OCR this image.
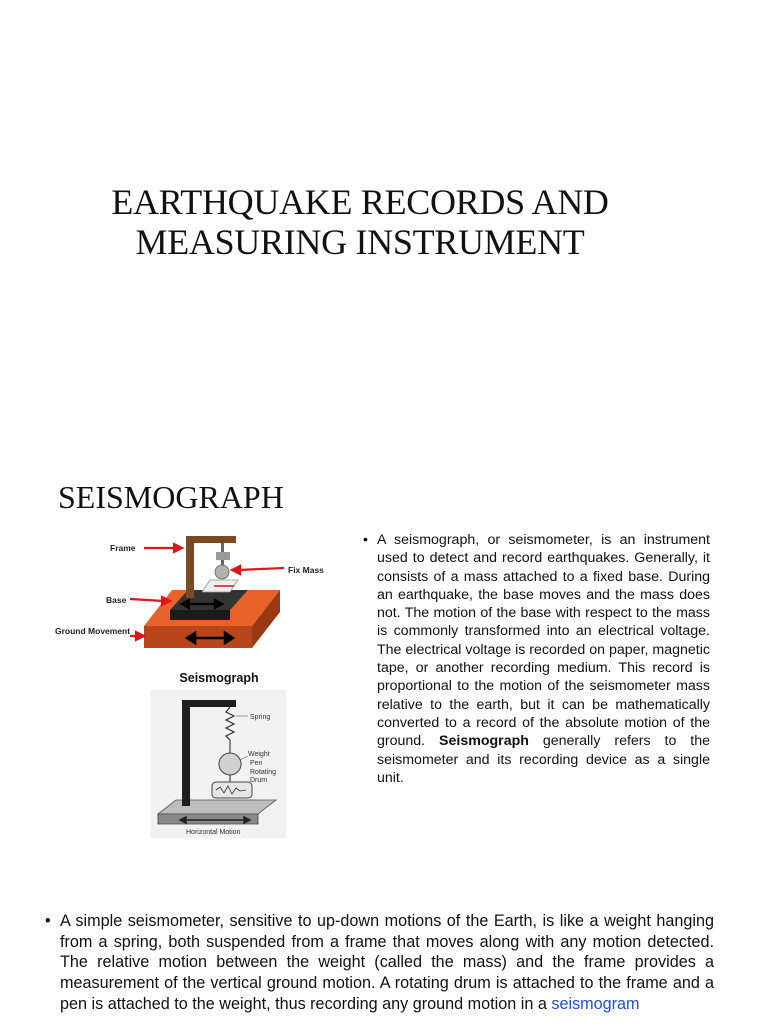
EARTHQUAKE RECORDS AND MEASURING INSTRUMENT
SEISMOGRAPH
Frame
Fix Mass
Base
Ground Movement
Seismograph
Spring
Weight
Pen
Rotating
Drum
Horizontal Motion

• A seismograph, or seismometer, is an instrument used to detect and record earthquakes. Generally, it consists of a mass attached to a fixed base. During an earthquake, the base moves and the mass does not. The motion of the base with respect to the mass is commonly transformed into an electrical voltage. The electrical voltage is recorded on paper, magnetic tape, or another recording medium. This record is proportional to the motion of the seismometer mass relative to the earth, but it can be mathematically converted to a record of the absolute motion of the ground. Seismograph generally refers to the seismometer and its recording device as a single unit.

• A simple seismometer, sensitive to up-down motions of the Earth, is like a weight hanging from a spring, both suspended from a frame that moves along with any motion detected. The relative motion between the weight (called the mass) and the frame provides a measurement of the vertical ground motion. A rotating drum is attached to the frame and a pen is attached to the weight, thus recording any ground motion in a seismogram
